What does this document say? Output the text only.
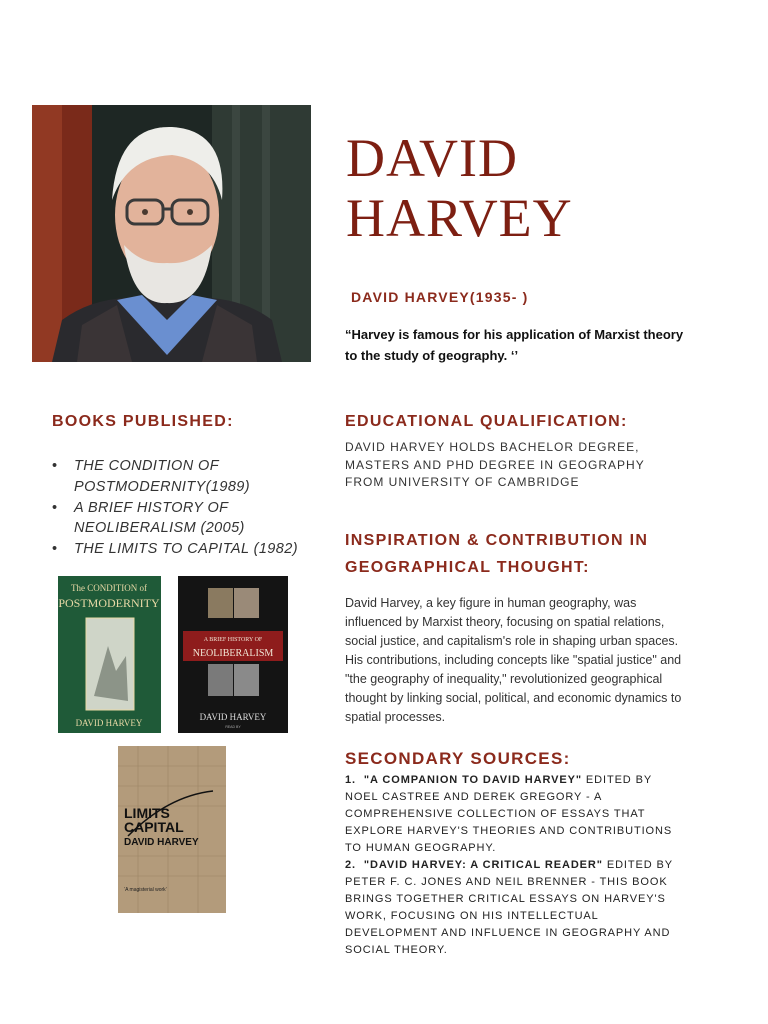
DAVID
HARVEY
DAVID HARVEY(1935- )
“Harvey is famous for his application of Marxist theory to the study of geography. ‘’
BOOKS PUBLISHED:
• THE CONDITION OF POSTMODERNITY(1989)
• A BRIEF HISTORY OF NEOLIBERALISM (2005)
• THE LIMITS TO CAPITAL (1982)
The CONDITION of
POSTMODERNITY
DAVID HARVEY
A BRIEF HISTORY OF
NEOLIBERALISM
DAVID HARVEY
READ BY
LIMITS
CAPITAL
DAVID HARVEY
‘A magisterial work’
EDUCATIONAL QUALIFICATION:
DAVID HARVEY HOLDS BACHELOR DEGREE, MASTERS AND PHD DEGREE IN GEOGRAPHY FROM UNIVERSITY OF CAMBRIDGE
INSPIRATION & CONTRIBUTION IN GEOGRAPHICAL THOUGHT:
David Harvey, a key figure in human geography, was influenced by Marxist theory, focusing on spatial relations, social justice, and capitalism's role in shaping urban spaces. His contributions, including concepts like "spatial justice" and "the geography of inequality," revolutionized geographical thought by linking social, political, and economic dynamics to spatial processes.
SECONDARY SOURCES:

1. "A COMPANION TO DAVID HARVEY" EDITED BY NOEL CASTREE AND DEREK GREGORY - A COMPREHENSIVE COLLECTION OF ESSAYS THAT EXPLORE HARVEY'S THEORIES AND CONTRIBUTIONS TO HUMAN GEOGRAPHY.

2. "DAVID HARVEY: A CRITICAL READER" EDITED BY PETER F. C. JONES AND NEIL BRENNER - THIS BOOK BRINGS TOGETHER CRITICAL ESSAYS ON HARVEY'S WORK, FOCUSING ON HIS INTELLECTUAL DEVELOPMENT AND INFLUENCE IN GEOGRAPHY AND SOCIAL THEORY.
